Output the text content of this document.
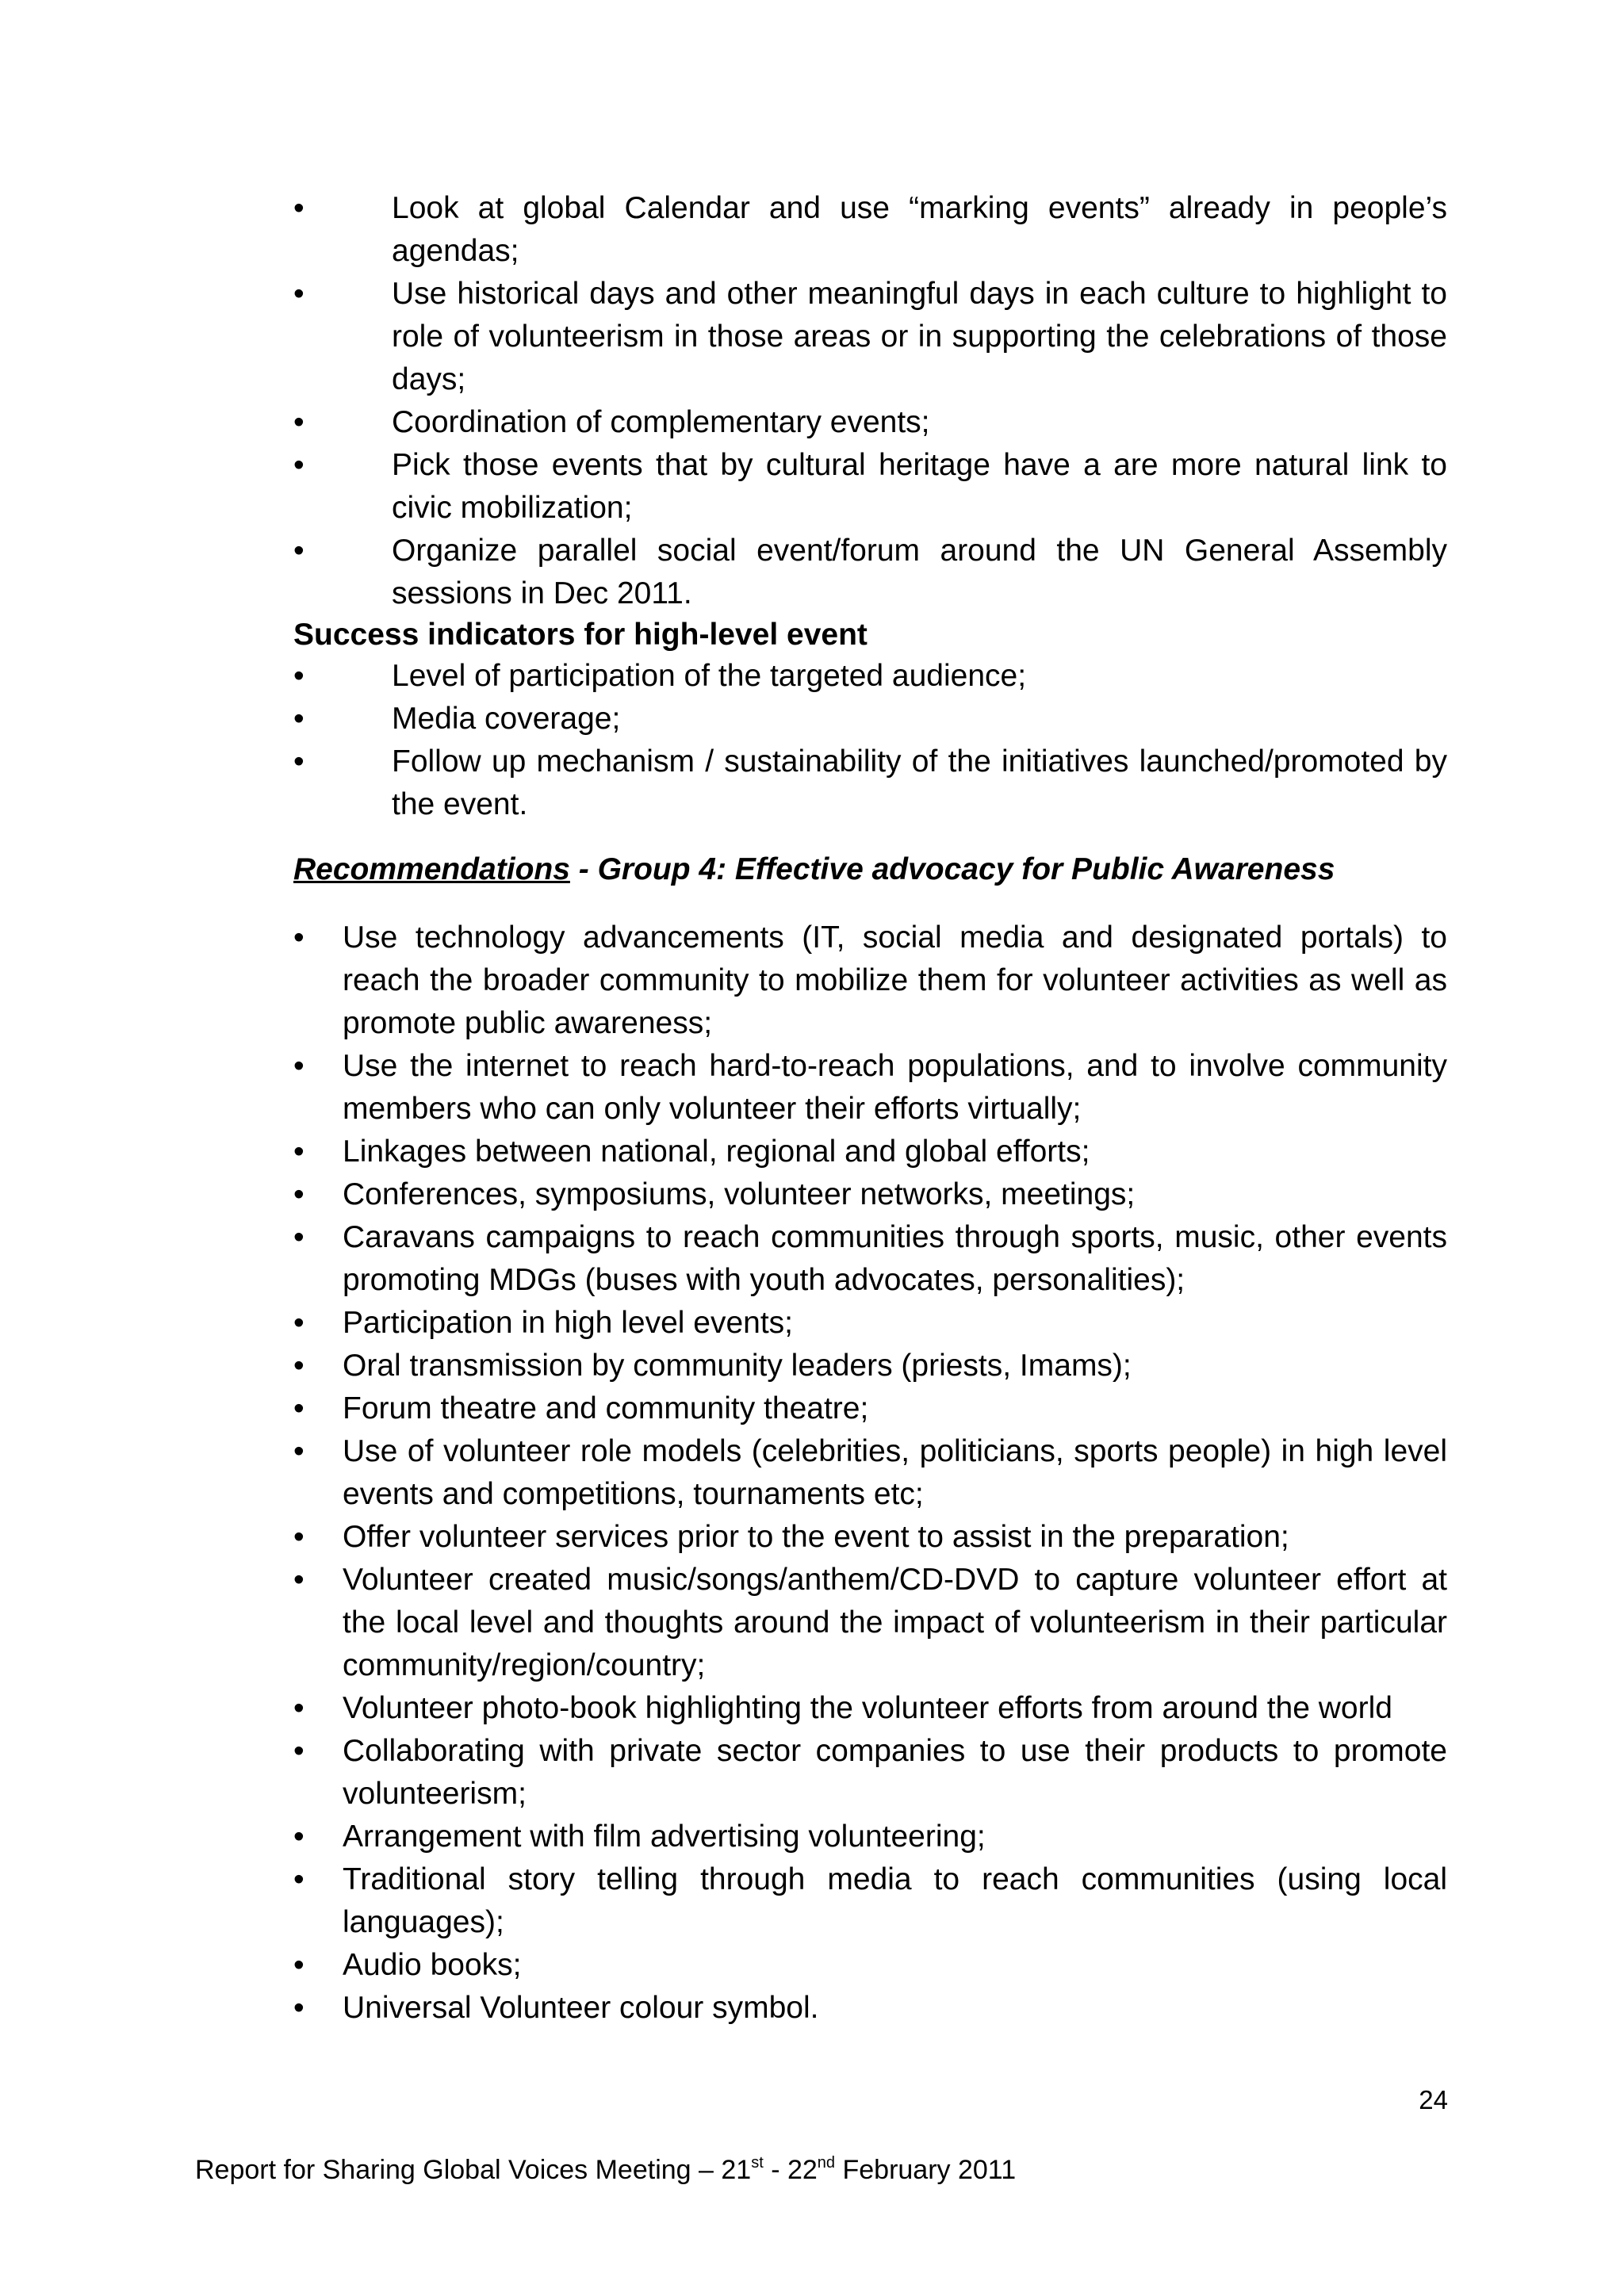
•
Look at global Calendar and use “marking events” already in people’s agendas;
•
Use historical days and other meaningful days in each culture to highlight to role of volunteerism in those areas or in supporting the celebrations of those days;
•
Coordination of complementary events;
•
Pick those events that by cultural heritage have a are more natural link to civic mobilization;
•
Organize parallel social event/forum around the UN General Assembly sessions in Dec 2011.

Success indicators for high-level event

•
Level of participation of the targeted audience;
•
Media coverage;
•
Follow up mechanism / sustainability of the initiatives launched/promoted by the event.

Recommendations - Group 4: Effective advocacy for Public Awareness

•
Use technology advancements (IT, social media and designated portals) to reach the broader community to mobilize them for volunteer activities as well as promote public awareness;
•
Use the internet to reach hard-to-reach populations, and to involve community members who can only volunteer their efforts virtually;
•
Linkages between national, regional and global efforts;
•
Conferences, symposiums, volunteer networks, meetings;
•
Caravans campaigns to reach communities through sports, music, other events promoting MDGs (buses with youth advocates, personalities);
•
Participation in high level events;
•
Oral transmission by community leaders (priests, Imams);
•
Forum theatre and community theatre;
•
Use of volunteer role models (celebrities, politicians, sports people) in high level events and competitions, tournaments etc;
•
Offer volunteer services prior to the event to assist in the preparation;
•
Volunteer created music/songs/anthem/CD-DVD to capture volunteer effort at the local level and thoughts around the impact of volunteerism in their particular community/region/country;
•
Volunteer photo-book highlighting the volunteer efforts from around the world
•
Collaborating with private sector companies to use their products to promote volunteerism;
•
Arrangement with film advertising volunteering;
•
Traditional story telling through media to reach communities (using local languages);
•
Audio books;
•
Universal Volunteer colour symbol.
24
Report for Sharing Global Voices Meeting – 21st - 22nd February 2011
